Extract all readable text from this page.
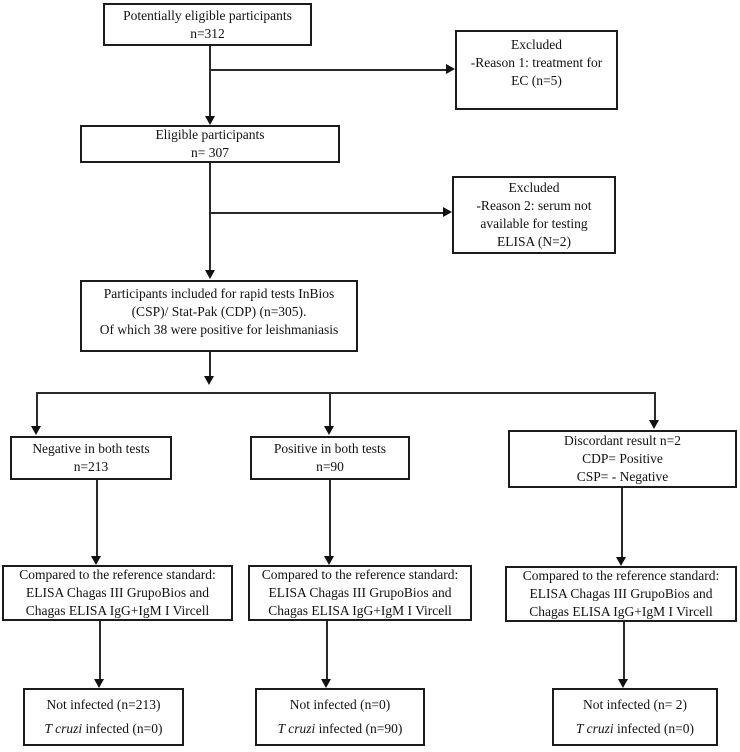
Potentially eligible participants
n=312
Excluded
-Reason 1: treatment for
EC (n=5)
Eligible participants
n= 307
Excluded
-Reason 2: serum not
available for testing
ELISA (N=2)
Participants included for rapid tests InBios
(CSP)/ Stat-Pak (CDP) (n=305).
Of which 38 were positive for leishmaniasis
Negative in both tests
n=213
Positive in both tests
n=90
Discordant result n=2
CDP= Positive
CSP= - Negative
Compared to the reference standard:
ELISA Chagas III GrupoBios and
Chagas ELISA IgG+IgM I Vircell
Compared to the reference standard:
ELISA Chagas III GrupoBios and
Chagas ELISA IgG+IgM I Vircell
Compared to the reference standard:
ELISA Chagas III GrupoBios and
Chagas ELISA IgG+IgM I Vircell
Not infected (n=213)
T cruzi infected (n=0)
Not infected (n=0)
T cruzi infected (n=90)
Not infected (n= 2)
T cruzi infected (n=0)
